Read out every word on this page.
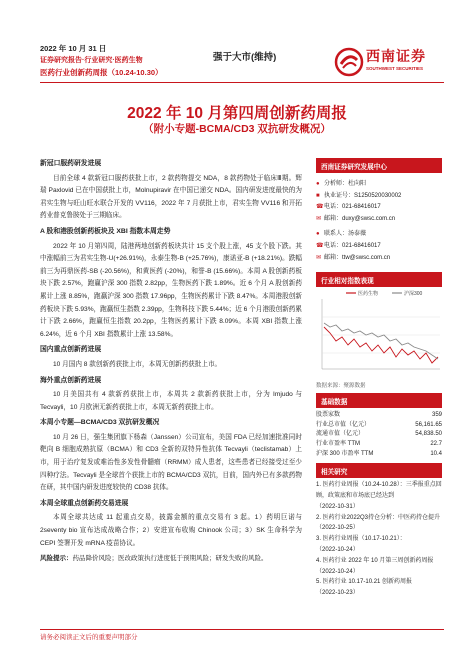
2022 年 10 月 31 日
证券研究报告·行业研究·医药生物
医药行业创新药周报（10.24-10.30）
强于大市(维持)	西南证券
SOUTHWEST SECURITIES
2022 年 10 月第四周创新药周报
（附小专题-BCMA/CD3 双抗研发概况）
新冠口服药研发进展

目前全球 4 款新冠口服药获批上市，2 款药物提交 NDA，8 款药物处于临床Ⅲ期。辉瑞 Paxlovid 已在中国获批上市，Molnupiravir 在中国已递交 NDA。国内研发进度最快的为君实生物与旺山旺水联合开发的 VV116，2022 年 7 月获批上市，君实生物 VV116 和开拓药业普克鲁胺处于三期临床。

A 股和港股创新药板块及 XBI 指数本周走势

2022 年 10 月第四周，陆港两地创新药板块共计 15 支个股上涨，45 支个股下跌。其中涨幅前三为君实生物-U(+26.91%)，永泰生物-B (+25.76%)，康诺亚-B (+18.21%)。跌幅前三为再鼎医药-SB (-20.56%)，和黄医药 (-20%)，和誉-B (15.66%)。本周 A 股创新药板块下跌 2.57%，跑赢沪深 300 指数 2.82pp，生物医药下跌 1.89%。近 6 个月 A 股创新药累计上涨 8.85%，跑赢沪深 300 指数 17.96pp，生物医药累计下跌 8.47%。本周港股创新药板块下跌 5.93%，跑赢恒生指数 2.39pp，生物科技下跌 5.44%；近 6 个月港股创新药累计下跌 2.66%，跑赢恒生指数 20.2pp，生物医药累计下跌 8.09%。本周 XBI 指数上涨 6.24%，近 6 个月 XBI 指数累计上涨 13.58%。

国内重点创新药进展

10 月国内 8 款创新药获批上市，本周无创新药获批上市。

海外重点创新药进展

10 月美国共有 4 款新药获批上市，本周共 2 款新药获批上市，分为 Imjudo 与 Tecvayli，10 月欧洲无新药获批上市，本周无新药获批上市。

本周小专题—BCMA/CD3 双抗研发概况

10 月 26 日，强生集团旗下杨森（Janssen）公司宣布，美国 FDA 已经加速批准同时靶向 B 细胞成熟抗原（BCMA）和 CD3 全新的双特异性抗体 Tecvayli（teclistamab）上市，用于治疗复发或难治性多发性骨髓瘤（RRMM）成人患者，这些患者已经接受过至少四种疗法。Tecvayli 是全球首个获批上市的 BCMA/CD3 双抗，目前，国内外已有多款药物在研，其中国内研发进度较快的 CD38 抗体。

本周全球重点创新药交易进展

本周全球共达成 11 起重点交易，披露金额的重点交易有 3 起。1）药明巨诺与 2seventy bio 宣布达成战略合作；2）安进宣布收购 Chinook 公司；3）SK 生命科学为 CEPI 签署开发 mRNA 疫苗协议。

风险提示：药品降价风险；医改政策执行进度低于预期风险；研发失败的风险。

西南证券研究发展中心
● 分析师：杜向阳
■ 执业证号：S1250520030002
☎ 电话：021-68416017
✉ 邮箱：duxy@swsc.com.cn
● 联系人：汤泰薇
☎ 电话：021-68416017
✉ 邮箱：ttw@swsc.com.cn
行业相对指数表现
医药生物	沪深300
数据来源：聚源数据
基础数据
股票家数	359
行业总市值（亿元）	56,161.65
流通市值（亿元）	54,838.50
行业市盈率 TTM	22.7
沪深 300 市盈率 TTM	10.4
相关研究
1. 医药行业周报（10.24-10.28）：三季报重点回顾，政策底和市场底已经达到
（2022-10-31）
2. 医药行业2022Q3持仓分析：中医药持仓提升
（2022-10-25）
3. 医药行业周报（10.17-10.21）：
（2022-10-24）
4. 医药行业 2022 年 10 月第三周创新药周报
（2022-10-24）
5. 医药行业 10.17-10.21 创新药周报
（2022-10-23）
请务必阅读正文后的重要声明部分
